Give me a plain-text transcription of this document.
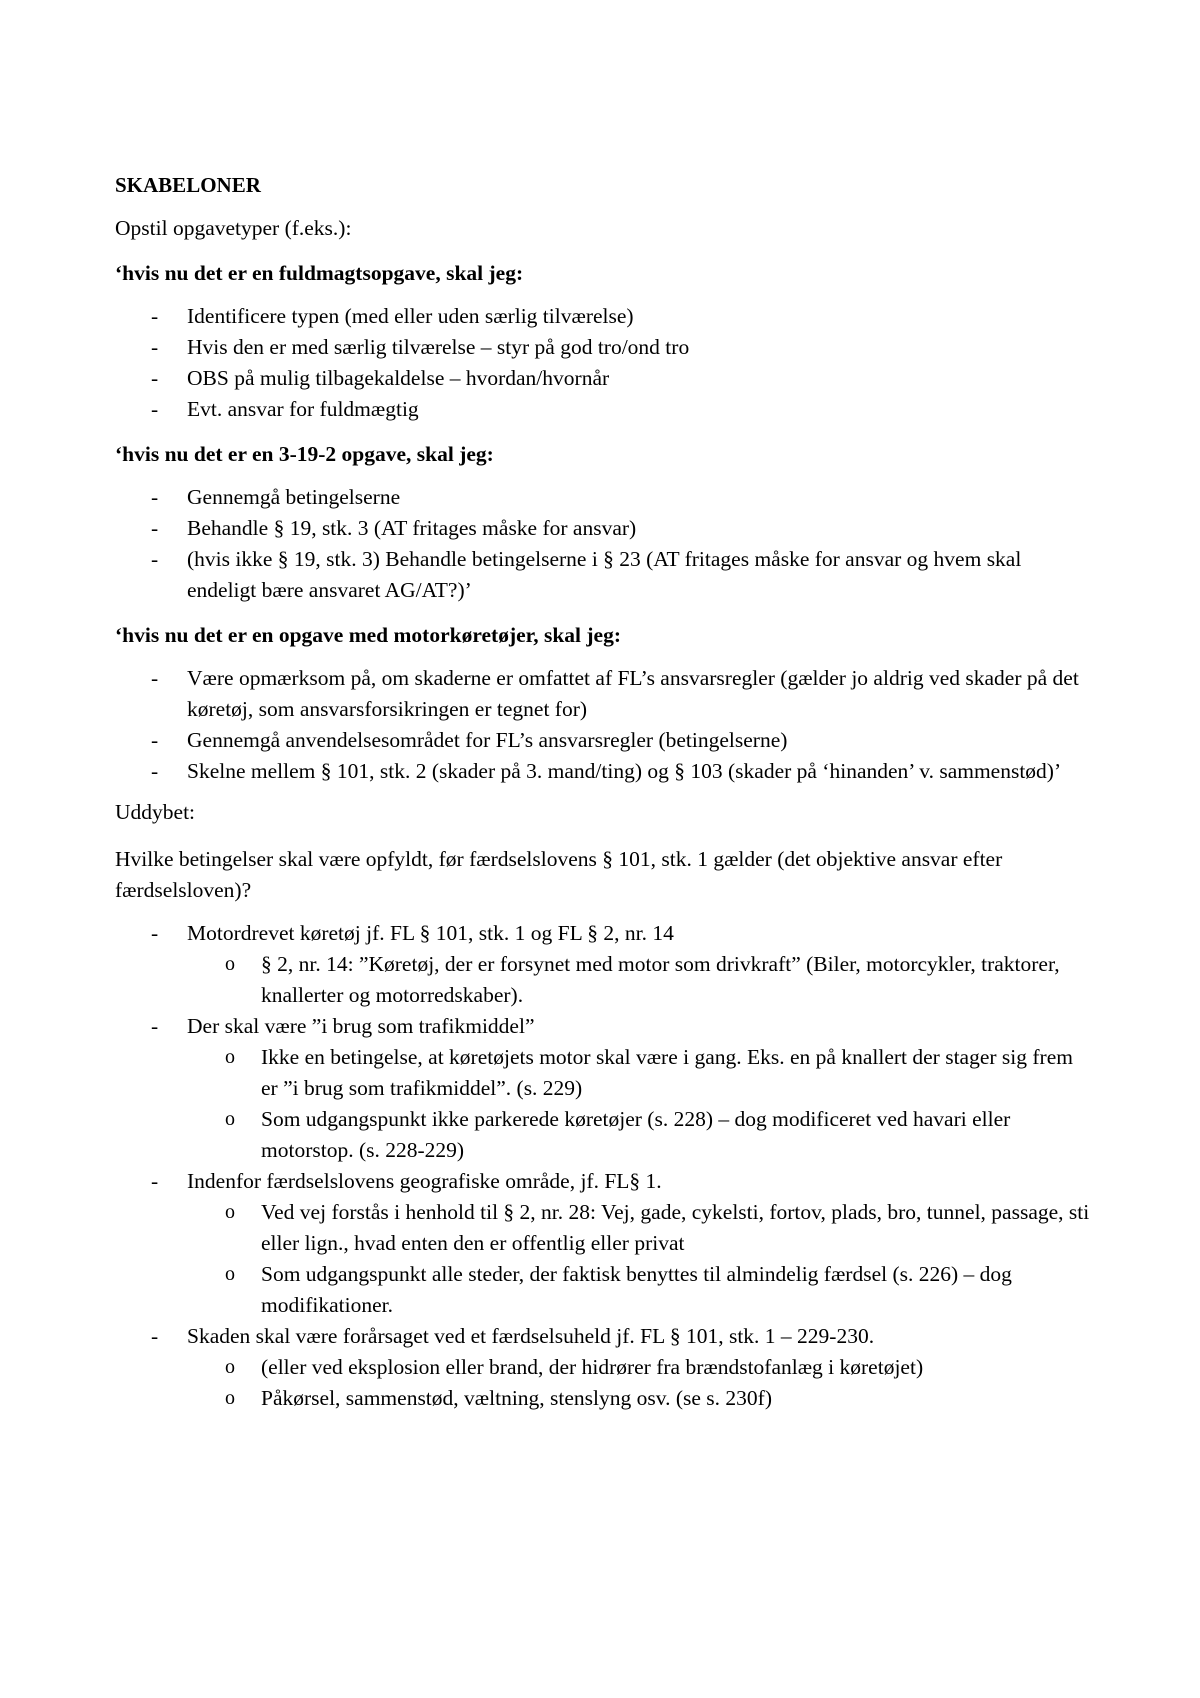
SKABELONER

Opstil opgavetyper (f.eks.):

‘hvis nu det er en fuldmagtsopgave, skal jeg:

-	Identificere typen (med eller uden særlig tilværelse)
-	Hvis den er med særlig tilværelse – styr på god tro/ond tro
-	OBS på mulig tilbagekaldelse – hvordan/hvornår
-	Evt. ansvar for fuldmægtig

‘hvis nu det er en 3-19-2 opgave, skal jeg:

-	Gennemgå betingelserne
-	Behandle § 19, stk. 3 (AT fritages måske for ansvar)
-	(hvis ikke § 19, stk. 3) Behandle betingelserne i § 23 (AT fritages måske for ansvar og hvem skal endeligt bære ansvaret AG/AT?)’

‘hvis nu det er en opgave med motorkøretøjer, skal jeg:

-	Være opmærksom på, om skaderne er omfattet af FL’s ansvarsregler (gælder jo aldrig ved skader på det køretøj, som ansvarsforsikringen er tegnet for)
-	Gennemgå anvendelsesområdet for FL’s ansvarsregler (betingelserne)
-	Skelne mellem § 101, stk. 2 (skader på 3. mand/ting) og § 103 (skader på ‘hinanden’ v. sammenstød)’

Uddybet:

Hvilke betingelser skal være opfyldt, før færdselslovens § 101, stk. 1 gælder (det objektive ansvar efter færdselsloven)?

-	Motordrevet køretøj jf. FL § 101, stk. 1 og FL § 2, nr. 14
o § 2, nr. 14: ”Køretøj, der er forsynet med motor som drivkraft” (Biler, motorcykler, traktorer, knallerter og motorredskaber).
-	Der skal være ”i brug som trafikmiddel”
o Ikke en betingelse, at køretøjets motor skal være i gang. Eks. en på knallert der stager sig frem er ”i brug som trafikmiddel”. (s. 229)
o Som udgangspunkt ikke parkerede køretøjer (s. 228) – dog modificeret ved havari eller motorstop. (s. 228-229)
-	Indenfor færdselslovens geografiske område, jf. FL§ 1.
o Ved vej forstås i henhold til § 2, nr. 28: Vej, gade, cykelsti, fortov, plads, bro, tunnel, passage, sti eller lign., hvad enten den er offentlig eller privat
o Som udgangspunkt alle steder, der faktisk benyttes til almindelig færdsel (s. 226) – dog modifikationer.
-	Skaden skal være forårsaget ved et færdselsuheld jf. FL § 101, stk. 1 – 229-230.
o (eller ved eksplosion eller brand, der hidrører fra brændstofanlæg i køretøjet)
o Påkørsel, sammenstød, væltning, stenslyng osv. (se s. 230f)
